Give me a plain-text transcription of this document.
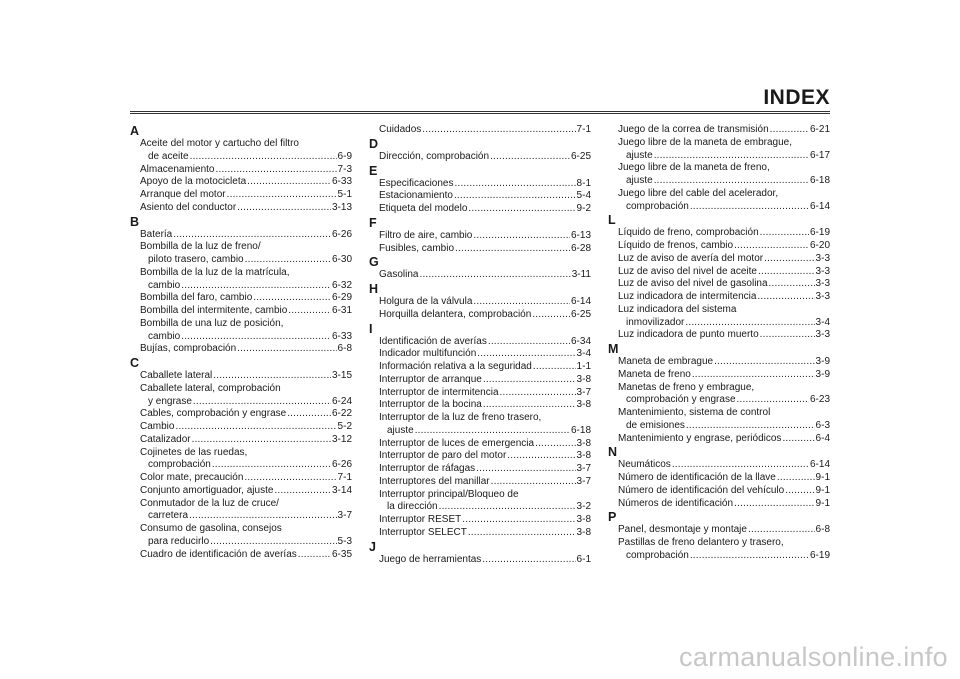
INDEX
A
Aceite del motor y cartucho del filtro
de aceite .....	6-9
Almacenamiento .....	7-3
Apoyo de la motocicleta .....	6-33
Arranque del motor .....	5-1
Asiento del conductor .....	3-13
B
Batería .....	6-26
Bombilla de la luz de freno/
piloto trasero, cambio .....	6-30
Bombilla de la luz de la matrícula,
cambio .....	6-32
Bombilla del faro, cambio .....	6-29
Bombilla del intermitente, cambio .....	6-31
Bombilla de una luz de posición,
cambio .....	6-33
Bujías, comprobación .....	6-8
C
Caballete lateral .....	3-15
Caballete lateral, comprobación
y engrase .....	6-24
Cables, comprobación y engrase .....	6-22
Cambio .....	5-2
Catalizador .....	3-12
Cojinetes de las ruedas,
comprobación .....	6-26
Color mate, precaución .....	7-1
Conjunto amortiguador, ajuste .....	3-14
Conmutador de la luz de cruce/
carretera .....	3-7
Consumo de gasolina, consejos
para reducirlo .....	5-3
Cuadro de identificación de averías .....	6-35
Cuidados .....	7-1
D
Dirección, comprobación .....	6-25
E
Especificaciones .....	8-1
Estacionamiento .....	5-4
Etiqueta del modelo .....	9-2
F
Filtro de aire, cambio .....	6-13
Fusibles, cambio .....	6-28
G
Gasolina .....	3-11
H
Holgura de la válvula .....	6-14
Horquilla delantera, comprobación .....	6-25
I
Identificación de averías .....	6-34
Indicador multifunción .....	3-4
Información relativa a la seguridad .....	1-1
Interruptor de arranque .....	3-8
Interruptor de intermitencia .....	3-7
Interruptor de la bocina .....	3-8
Interruptor de la luz de freno trasero,
ajuste .....	6-18
Interruptor de luces de emergencia .....	3-8
Interruptor de paro del motor .....	3-8
Interruptor de ráfagas .....	3-7
Interruptores del manillar .....	3-7
Interruptor principal/Bloqueo de
la dirección .....	3-2
Interruptor RESET .....	3-8
Interruptor SELECT .....	3-8
J
Juego de herramientas .....	6-1
Juego de la correa de transmisión .....	6-21
Juego libre de la maneta de embrague,
ajuste .....	6-17
Juego libre de la maneta de freno,
ajuste .....	6-18
Juego libre del cable del acelerador,
comprobación .....	6-14
L
Líquido de freno, comprobación .....	6-19
Líquido de frenos, cambio .....	6-20
Luz de aviso de avería del motor .....	3-3
Luz de aviso del nivel de aceite .....	3-3
Luz de aviso del nivel de gasolina .....	3-3
Luz indicadora de intermitencia .....	3-3
Luz indicadora del sistema
inmovilizador .....	3-4
Luz indicadora de punto muerto .....	3-3
M
Maneta de embrague .....	3-9
Maneta de freno .....	3-9
Manetas de freno y embrague,
comprobación y engrase .....	6-23
Mantenimiento, sistema de control
de emisiones .....	6-3
Mantenimiento y engrase, periódicos .....	6-4
N
Neumáticos .....	6-14
Número de identificación de la llave .....	9-1
Número de identificación del vehículo .....	9-1
Números de identificación .....	9-1
P
Panel, desmontaje y montaje .....	6-8
Pastillas de freno delantero y trasero,
comprobación .....	6-19
carmanualsonline.info
